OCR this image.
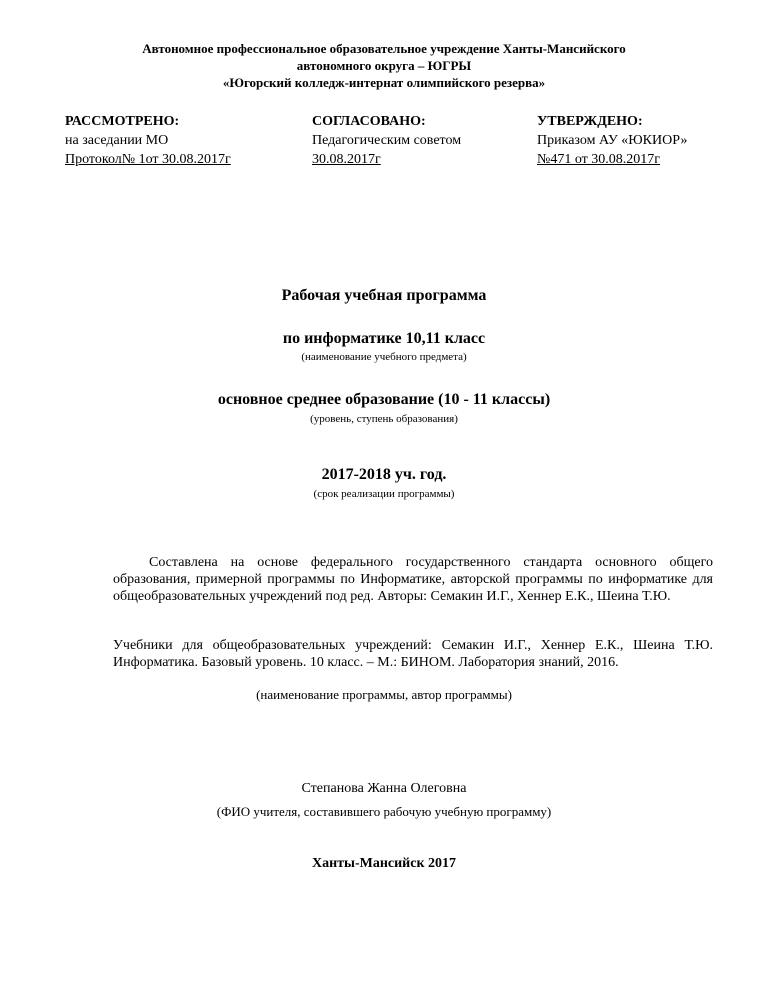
Автономное профессиональное образовательное учреждение Ханты-Мансийского
автономного округа – ЮГРЫ
«Югорский колледж-интернат олимпийского резерва»
РАССМОТРЕНО:
на заседании МО
Протокол№ 1от 30.08.2017г
СОГЛАСОВАНО:
Педагогическим советом
30.08.2017г
УТВЕРЖДЕНО:
Приказом АУ «ЮКИОР»
№471 от 30.08.2017г
Рабочая учебная программа
по информатике 10,11 класс
(наименование учебного предмета)
основное среднее образование (10 - 11 классы)
(уровень, ступень образования)
2017-2018 уч. год.
(срок реализации программы)
Составлена на основе федерального государственного стандарта основного общего образования, примерной программы по Информатике, авторской программы по информатике для общеобразовательных учреждений под ред. Авторы: Семакин И.Г., Хеннер Е.К., Шеина Т.Ю.
Учебники для общеобразовательных учреждений: Семакин И.Г., Хеннер Е.К., Шеина Т.Ю. Информатика. Базовый уровень. 10 класс. – М.: БИНОМ. Лаборатория знаний, 2016.
(наименование программы, автор программы)
Степанова Жанна Олеговна
(ФИО учителя, составившего рабочую учебную программу)
Ханты-Мансийск 2017
